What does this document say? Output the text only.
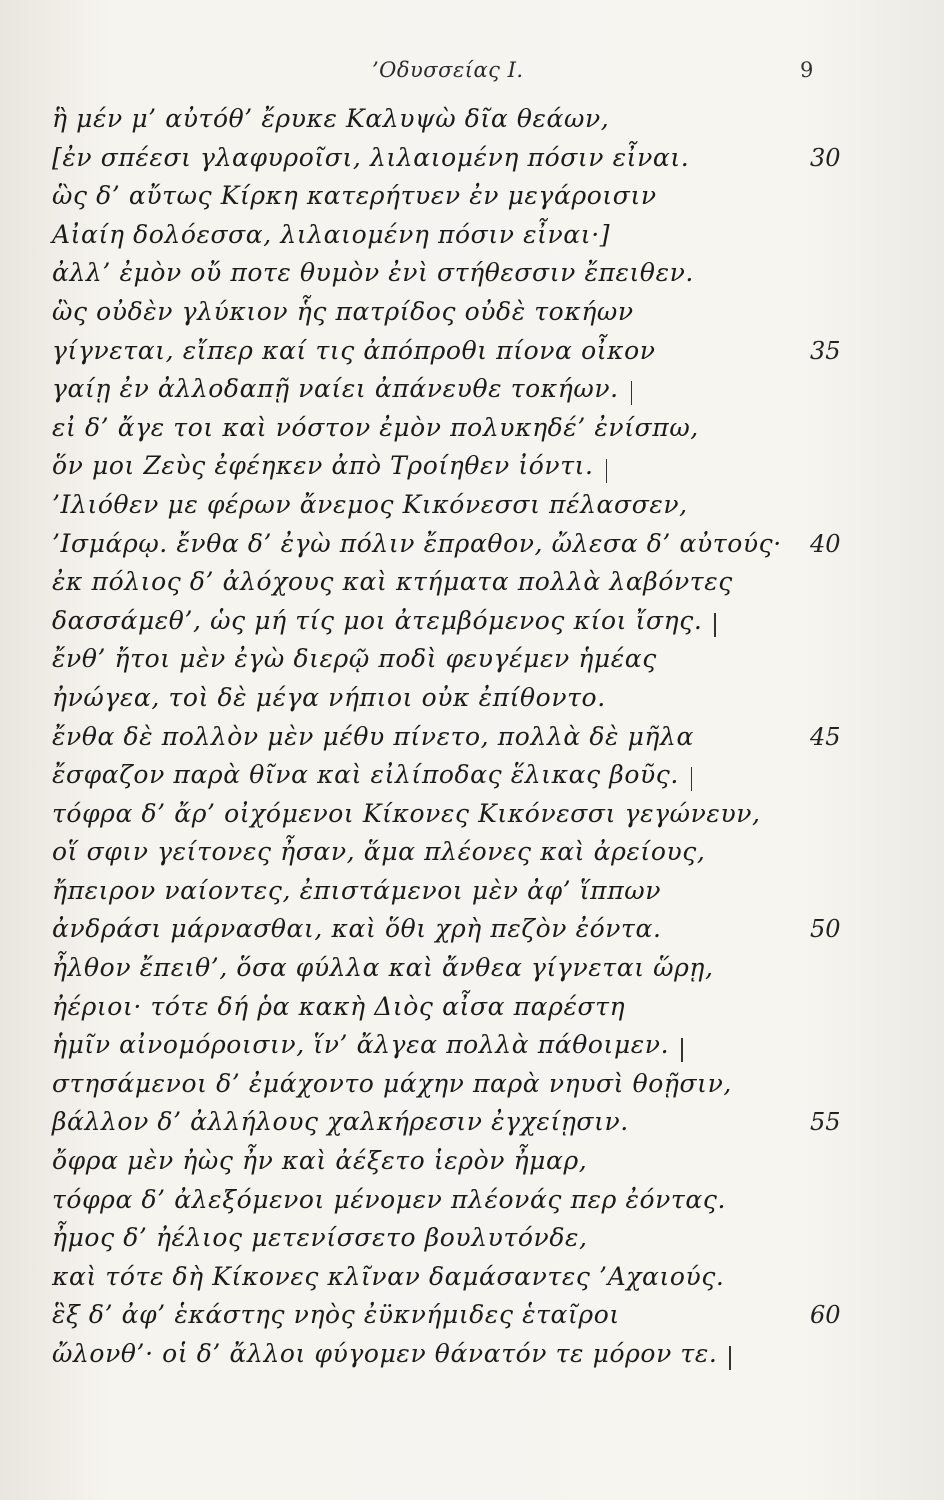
’Οδυσσείας Ι.	9
ἣ μέν μ’ αὐτόθ’ ἔρυκε Καλυψὼ δῖα θεάων,
[ἐν σπέεσι γλαφυροῖσι, λιλαιομένη πόσιν εἶναι.	30
ὣς δ’ αὔτως Κίρκη κατερήτυεν ἐν μεγάροισιν
Αἰαίη δολόεσσα, λιλαιομένη πόσιν εἶναι·]
ἀλλ’ ἐμὸν οὔ ποτε θυμὸν ἐνὶ στήθεσσιν ἔπειθεν.
ὣς οὐδὲν γλύκιον ἧς πατρίδος οὐδὲ τοκήων
γίγνεται, εἴπερ καί τις ἀπόπροθι πίονα οἶκον	35
γαίῃ ἐν ἀλλοδαπῇ ναίει ἀπάνευθε τοκήων.
εἰ δ’ ἄγε τοι καὶ νόστον ἐμὸν πολυκηδέ’ ἐνίσπω,
ὅν μοι Ζεὺς ἐφέηκεν ἀπὸ Τροίηθεν ἰόντι.
’Ιλιόθεν με φέρων ἄνεμος Κικόνεσσι πέλασσεν,
’Ισμάρῳ. ἔνθα δ’ ἐγὼ πόλιν ἔπραθον, ὤλεσα δ’ αὐτούς· 40
ἐκ πόλιος δ’ ἀλόχους καὶ κτήματα πολλὰ λαβόντες
δασσάμεθ’, ὡς μή τίς μοι ἀτεμβόμενος κίοι ἴσης.
ἔνθ’ ἤτοι μὲν ἐγὼ διερῷ ποδὶ φευγέμεν ἡμέας
ἠνώγεα, τοὶ δὲ μέγα νήπιοι οὐκ ἐπίθοντο.
ἔνθα δὲ πολλὸν μὲν μέθυ πίνετο, πολλὰ δὲ μῆλα	45
ἔσφαζον παρὰ θῖνα καὶ εἰλίποδας ἕλικας βοῦς.
τόφρα δ’ ἄρ’ οἰχόμενοι Κίκονες Κικόνεσσι γεγώνευν,
οἵ σφιν γείτονες ἦσαν, ἅμα πλέονες καὶ ἀρείους,
ἤπειρον ναίοντες, ἐπιστάμενοι μὲν ἀφ’ ἵππων
ἀνδράσι μάρνασθαι, καὶ ὅθι χρὴ πεζὸν ἐόντα.	50
ἦλθον ἔπειθ’, ὅσα φύλλα καὶ ἄνθεα γίγνεται ὥρῃ,
ἠέριοι· τότε δή ῥα κακὴ Διὸς αἶσα παρέστη
ἡμῖν αἰνομόροισιν, ἵν’ ἄλγεα πολλὰ πάθοιμεν.
στησάμενοι δ’ ἐμάχοντο μάχην παρὰ νηυσὶ θοῇσιν,
βάλλον δ’ ἀλλήλους χαλκήρεσιν ἐγχείῃσιν.	55
ὄφρα μὲν ἠὼς ἦν καὶ ἀέξετο ἱερὸν ἦμαρ,
τόφρα δ’ ἀλεξόμενοι μένομεν πλέονάς περ ἐόντας.
ἦμος δ’ ἠέλιος μετενίσσετο βουλυτόνδε,
καὶ τότε δὴ Κίκονες κλῖναν δαμάσαντες ’Αχαιούς.
ἓξ δ’ ἀφ’ ἑκάστης νηὸς ἐϋκνήμιδες ἑταῖροι	60
ὤλονθ’· οἱ δ’ ἄλλοι φύγομεν θάνατόν τε μόρον τε.
